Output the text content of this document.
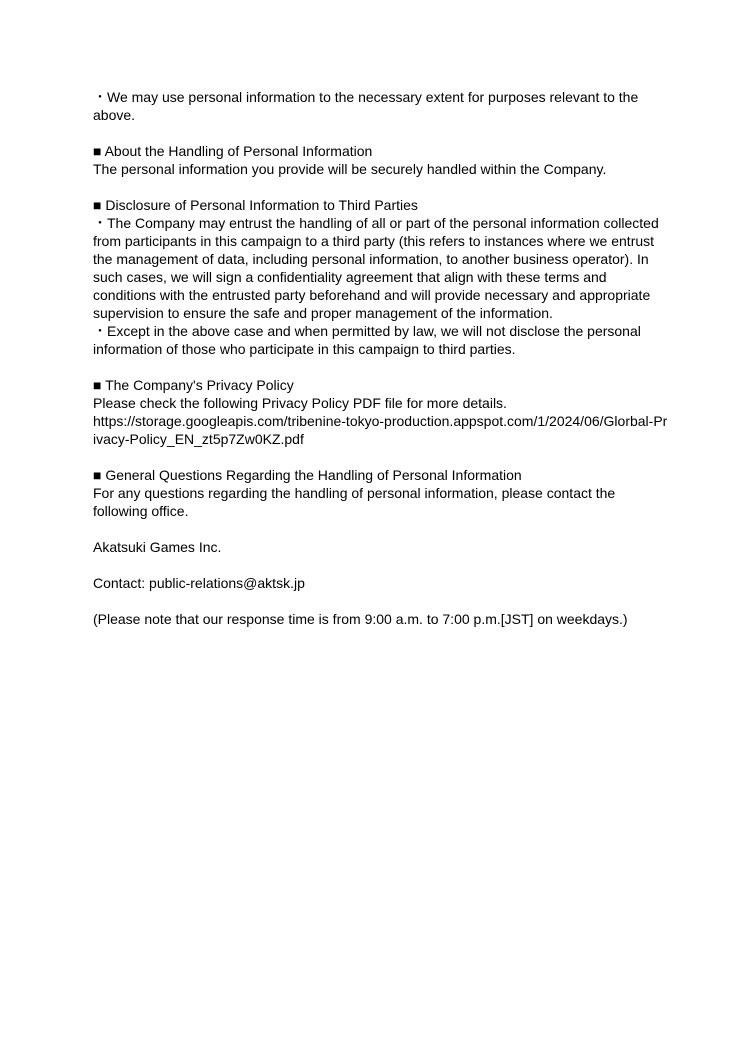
・We may use personal information to the necessary extent for purposes relevant to the
above.
■ About the Handling of Personal Information
The personal information you provide will be securely handled within the Company.
■ Disclosure of Personal Information to Third Parties
・The Company may entrust the handling of all or part of the personal information collected
from participants in this campaign to a third party (this refers to instances where we entrust
the management of data, including personal information, to another business operator). In
such cases, we will sign a confidentiality agreement that align with these terms and
conditions with the entrusted party beforehand and will provide necessary and appropriate
supervision to ensure the safe and proper management of the information.
・Except in the above case and when permitted by law, we will not disclose the personal
information of those who participate in this campaign to third parties.
■ The Company's Privacy Policy
Please check the following Privacy Policy PDF file for more details.
https://storage.googleapis.com/tribenine-tokyo-production.appspot.com/1/2024/06/Glorbal-Pr
ivacy-Policy_EN_zt5p7Zw0KZ.pdf
■ General Questions Regarding the Handling of Personal Information
For any questions regarding the handling of personal information, please contact the
following office.
Akatsuki Games Inc.
Contact: public-relations@aktsk.jp
(Please note that our response time is from 9:00 a.m. to 7:00 p.m.[JST] on weekdays.)
